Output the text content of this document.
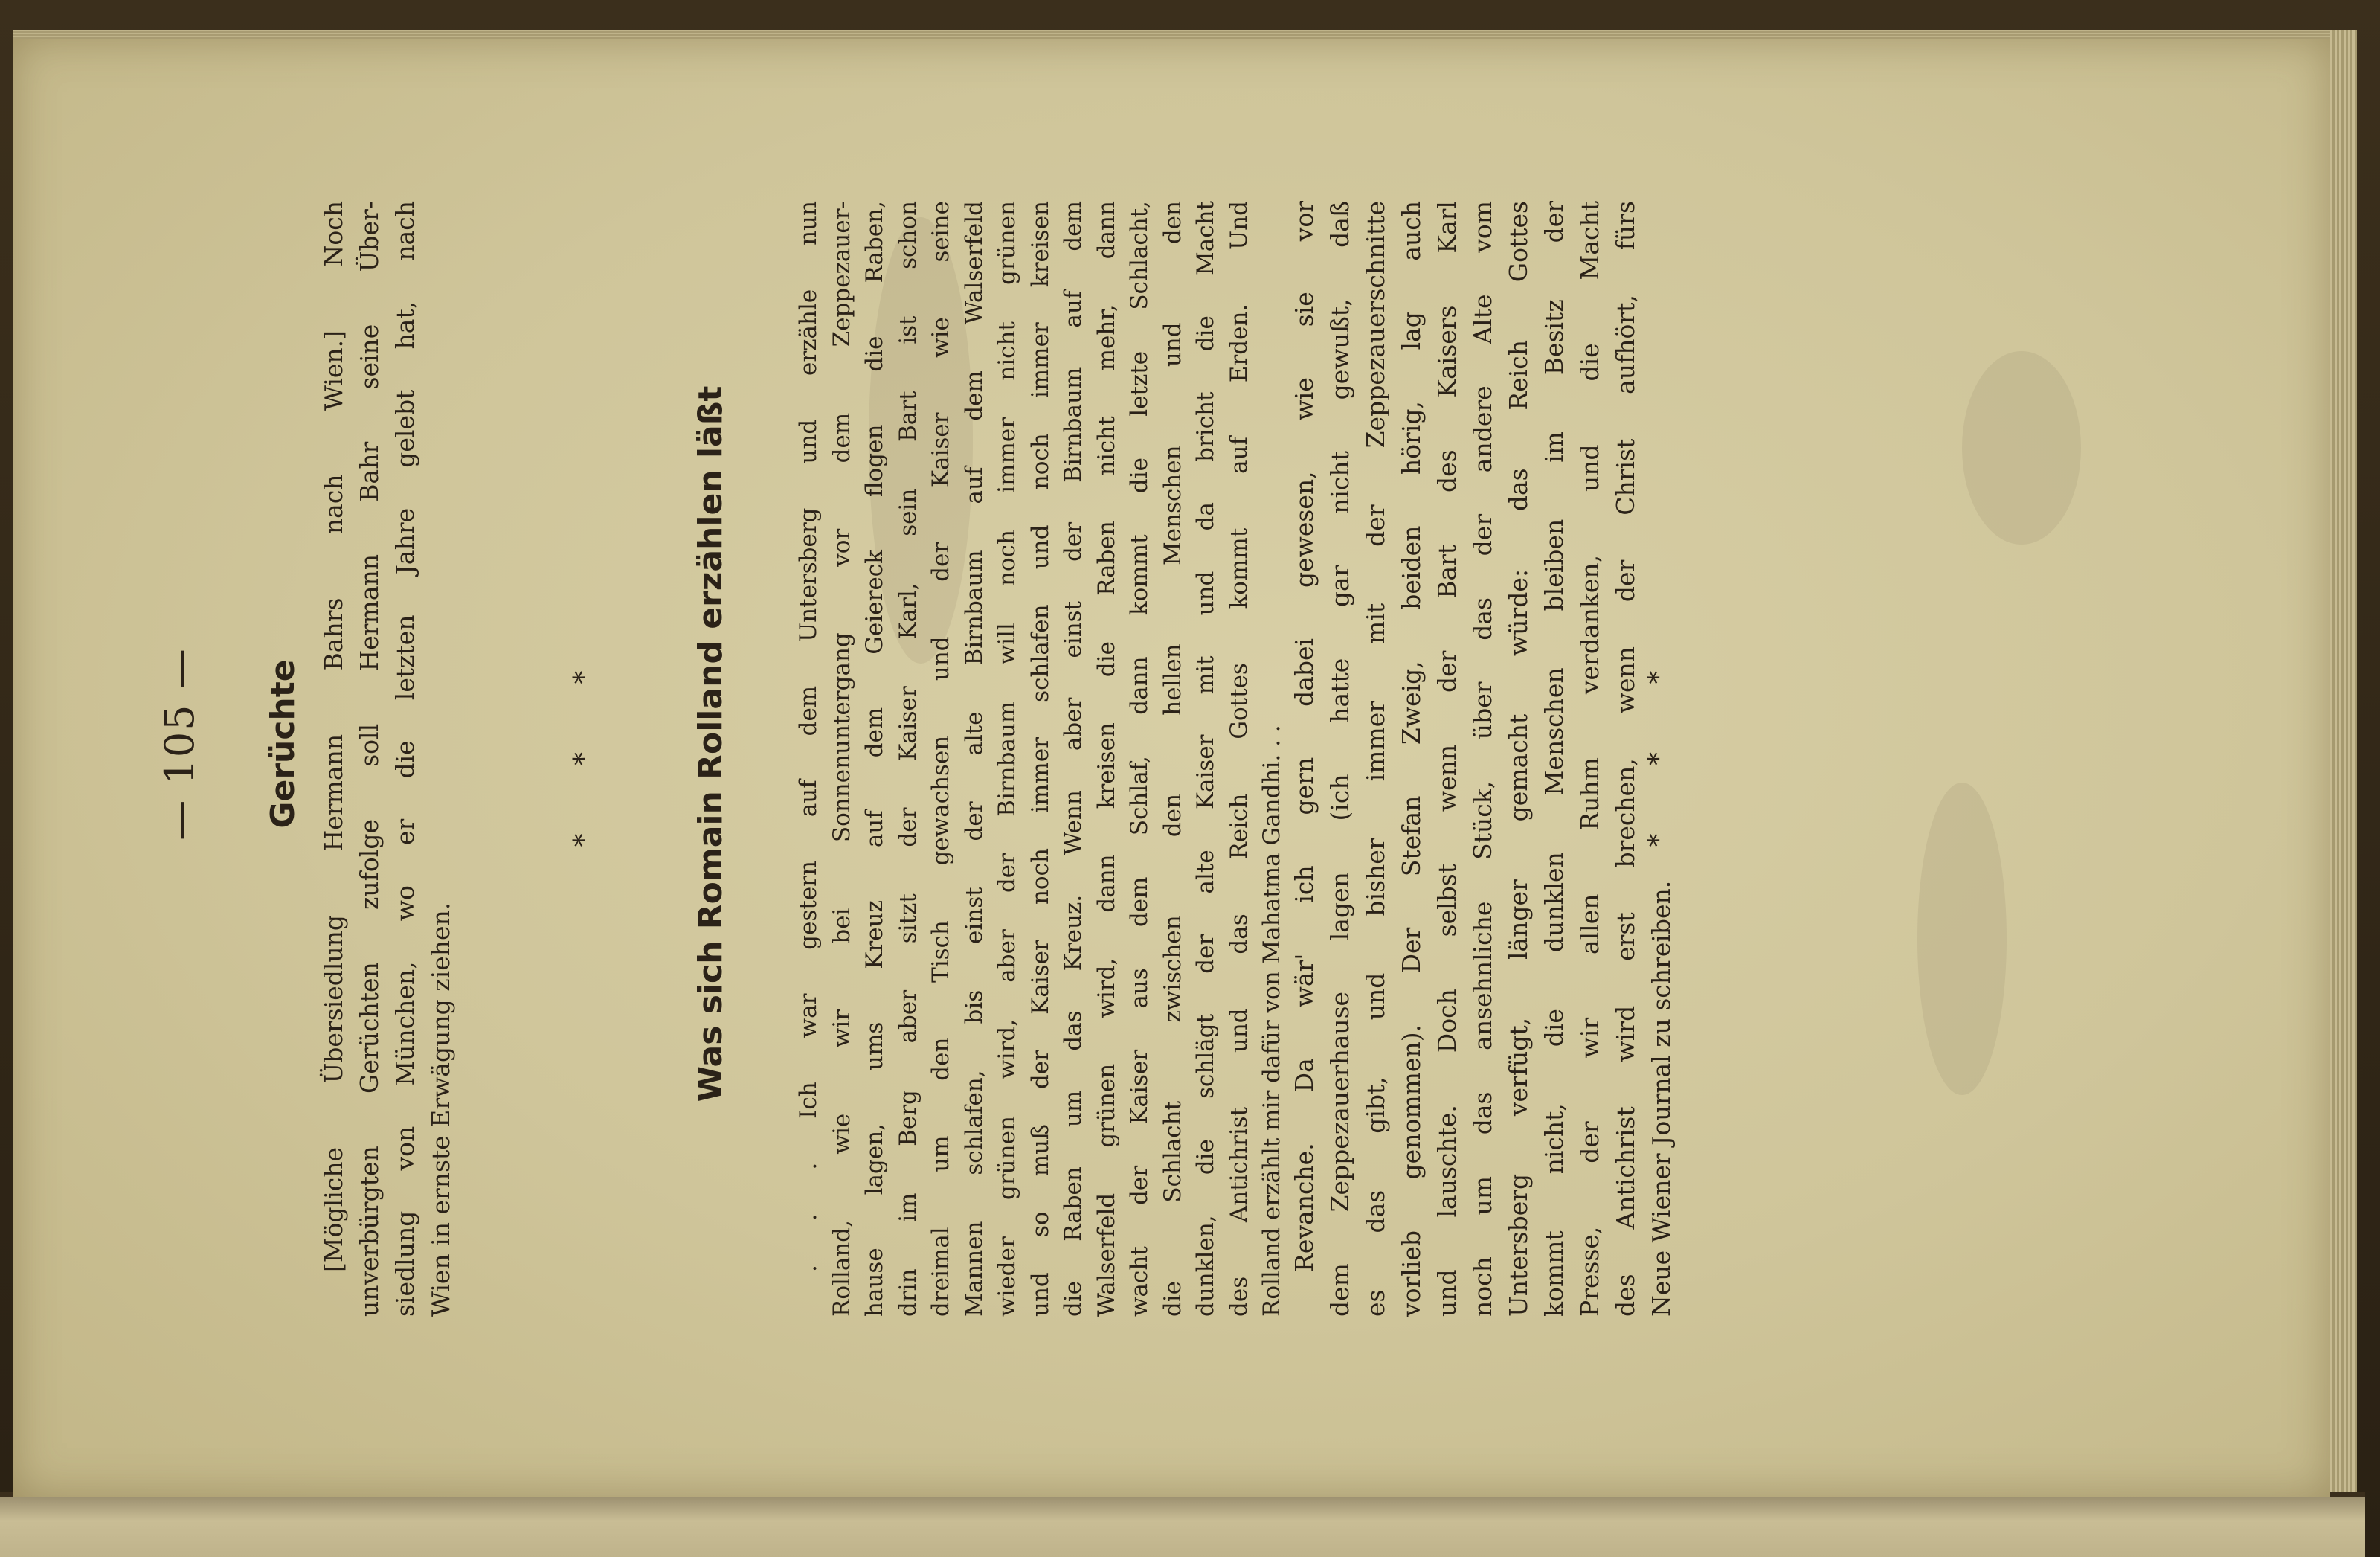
— 105 — Gerüchte [Mögliche Übersiedlung Hermann Bahrs nach Wien.] Noch unverbürgten Gerüchten zufolge soll Hermann Bahr seine Über- siedlung von München, wo er die letzten Jahre gelebt hat, nach Wien in ernste Erwägung ziehen.
* * *	Was sich Romain Rolland erzählen läßt	. . . Ich war gestern auf dem Untersberg und erzähle nun Rolland, wie wir bei Sonnenuntergang vor dem Zeppezauer- hause lagen, ums Kreuz auf dem Geiereck flogen die Raben, drin im Berg aber sitzt der Kaiser Karl, sein Bart ist schon dreimal um den Tisch gewachsen und der Kaiser wie seine Mannen schlafen, bis einst der alte Birnbaum auf dem Walserfeld wieder grünen wird, aber der Birnbaum will noch immer nicht grünen und so muß der Kaiser noch immer schlafen und noch immer kreisen die Raben um das Kreuz. Wenn aber einst der Birnbaum auf dem Walserfeld grünen wird, dann kreisen die Raben nicht mehr, dann wacht der Kaiser aus dem Schlaf, dann kommt die letzte Schlacht, die Schlacht zwischen den hellen Menschen und den dunklen, die schlägt der alte Kaiser mit und da bricht die Macht des Antichrist und das Reich Gottes kommt auf Erden. Und Rolland erzählt mir dafür von Mahatma Gandhi. . . Revanche. Da wär' ich gern dabei gewesen, wie sie vor dem Zeppezauerhause lagen (ich hatte gar nicht gewußt, daß es das gibt, und bisher immer mit der Zeppezauerschnitte vorlieb genommen). Der Stefan Zweig, beiden hörig, lag auch und lauschte. Doch selbst wenn der Bart des Kaisers Karl noch um das ansehnliche Stück, über das der andere Alte vom Untersberg verfügt, länger gemacht würde: das Reich Gottes kommt nicht, die dunklen Menschen bleiben im Besitz der Presse, der wir allen Ruhm verdanken, und die Macht des Antichrist wird erst brechen, wenn der Christ aufhört, fürs Neue Wiener Journal zu schreiben.
* * *
